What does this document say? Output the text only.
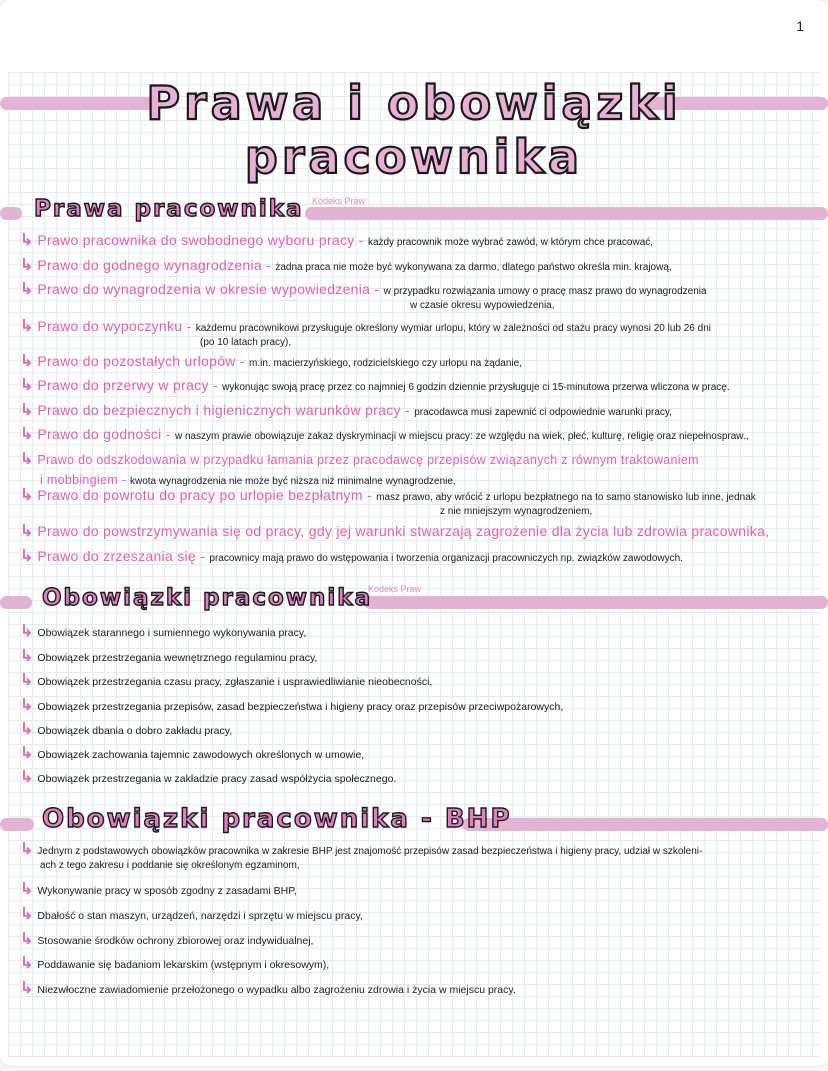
1
Prawa i obowiązki
pracownika
Prawa pracownika Kodeks Praw
↳ Prawo pracownika do swobodnego wyboru pracy - każdy pracownik może wybrać zawód, w którym chce pracować,
↳ Prawo do godnego wynagrodzenia - żadna praca nie może być wykonywana za darmo, dlatego państwo określa min. krajową,
↳ Prawo do wynagrodzenia w okresie wypowiedzenia - w przypadku rozwiązania umowy o pracę masz prawo do wynagrodzenia
w czasie okresu wypowiedzenia,
↳ Prawo do wypoczynku - każdemu pracownikowi przysługuje określony wymiar urlopu, który w zależności od stażu pracy wynosi 20 lub 26 dni
(po 10 latach pracy),
↳ Prawo do pozostałych urlopów - m.in. macierzyńskiego, rodzicielskiego czy urlopu na żądanie,
↳ Prawo do przerwy w pracy - wykonując swoją pracę przez co najmniej 6 godzin dziennie przysługuje ci 15-minutowa przerwa wliczona w pracę.
↳ Prawo do bezpiecznych i higienicznych warunków pracy - pracodawca musi zapewnić ci odpowiednie warunki pracy,
↳ Prawo do godności - w naszym prawie obowiązuje zakaz dyskryminacji w miejscu pracy: ze względu na wiek, płeć, kulturę, religię oraz niepełnospraw.,
↳ Prawo do odszkodowania w przypadku łamania przez pracodawcę przepisów związanych z równym traktowaniem
i mobbingiem - kwota wynagrodzenia nie może być niższa niż minimalne wynagrodzenie,
↳ Prawo do powrotu do pracy po urlopie bezpłatnym - masz prawo, aby wrócić z urlopu bezpłatnego na to samo stanowisko lub inne, jednak
z nie mniejszym wynagrodzeniem,
↳ Prawo do powstrzymywania się od pracy, gdy jej warunki stwarzają zagrożenie dla życia lub zdrowia pracownika,
↳ Prawo do zrzeszania się - pracownicy mają prawo do wstępowania i tworzenia organizacji pracowniczych np. związków zawodowych.
Obowiązki pracownika
Kodeks Praw
↳ Obowiązek starannego i sumiennego wykonywania pracy,
↳ Obowiązek przestrzegania wewnętrznego regulaminu pracy,
↳ Obowiązek przestrzegania czasu pracy, zgłaszanie i usprawiedliwianie nieobecności,
↳ Obowiązek przestrzegania przepisów, zasad bezpieczeństwa i higieny pracy oraz przepisów przeciwpożarowych,
↳ Obowiązek dbania o dobro zakładu pracy,
↳ Obowiązek zachowania tajemnic zawodowych określonych w umowie,
↳ Obowiązek przestrzegania w zakładzie pracy zasad współżycia społecznego.
Obowiązki pracownika - BHP
↳ Jednym z podstawowych obowiązków pracownika w zakresie BHP jest znajomość przepisów zasad bezpieczeństwa i higieny pracy, udział w szkoleni-
ach z tego zakresu i poddanie się określonym egzaminom,
↳ Wykonywanie pracy w sposób zgodny z zasadami BHP,
↳ Dbałość o stan maszyn, urządzeń, narzędzi i sprzętu w miejscu pracy,
↳ Stosowanie środków ochrony zbiorowej oraz indywidualnej,
↳ Poddawanie się badaniom lekarskim (wstępnym i okresowym),
↳ Niezwłoczne zawiadomienie przełożonego o wypadku albo zagrożeniu zdrowia i życia w miejscu pracy.
